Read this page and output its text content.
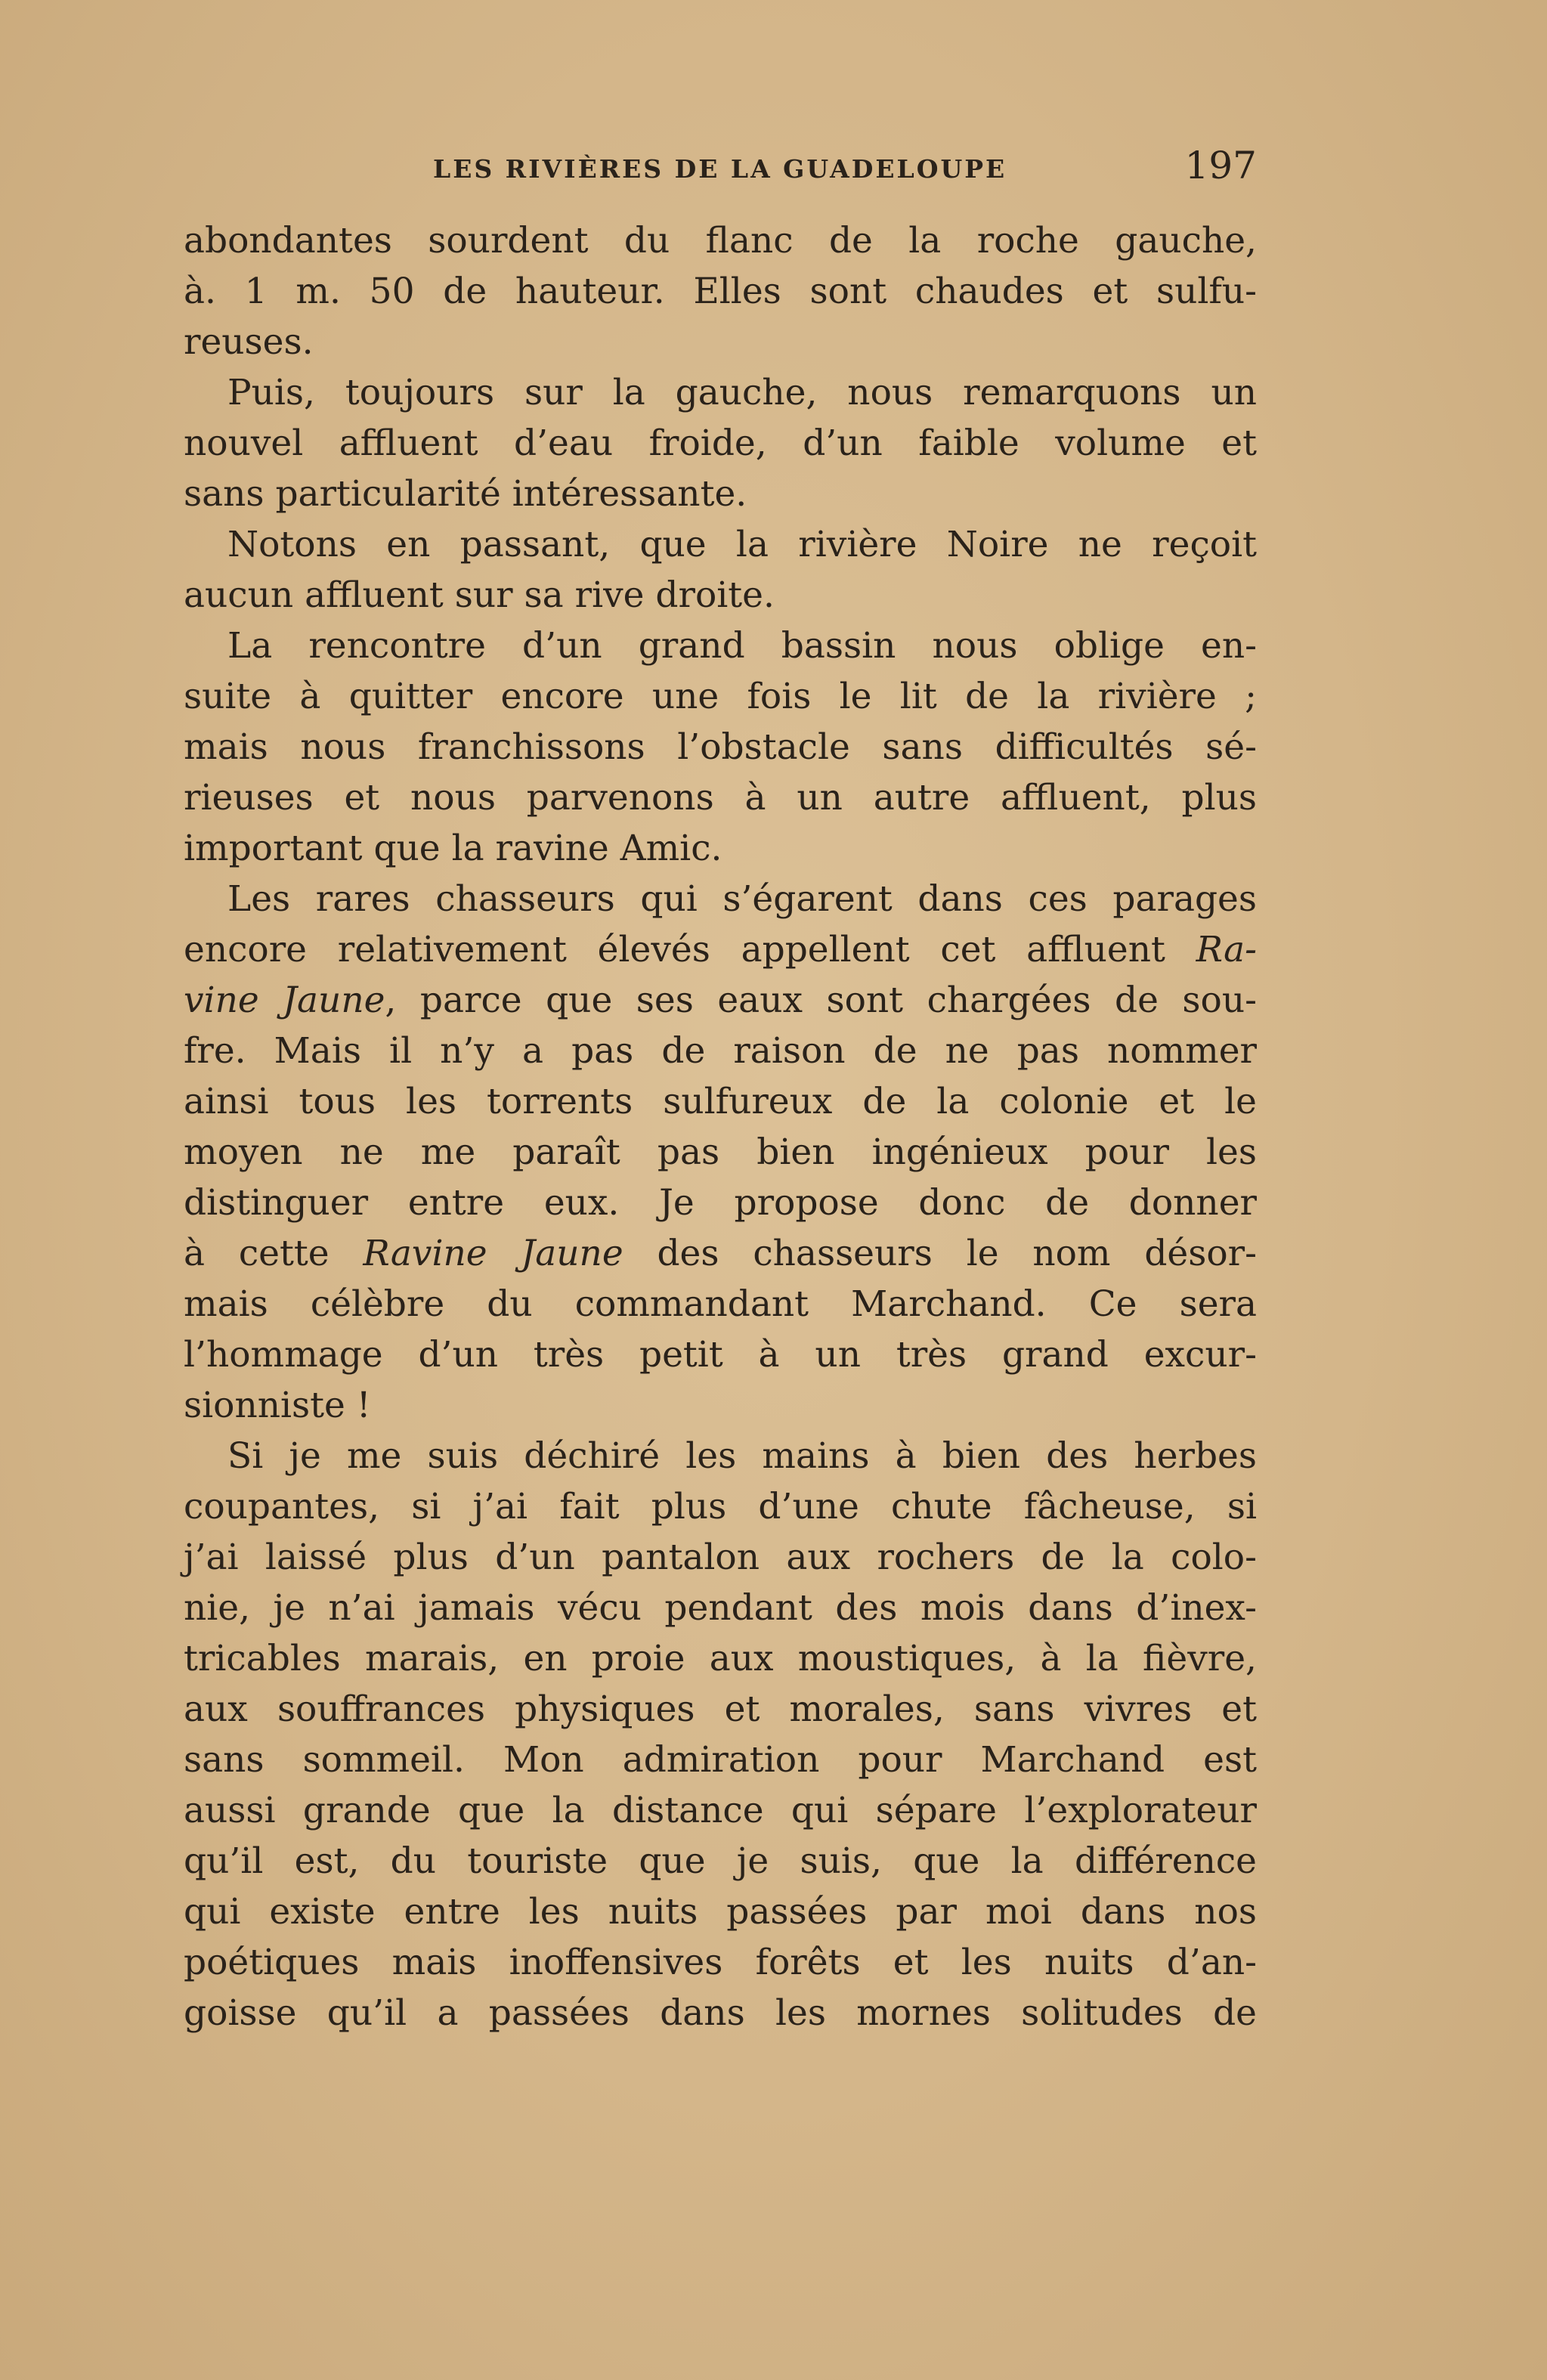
LES RIVIÈRES DE LA GUADELOUPE	197
abondantes sourdent du flanc de la roche gauche,
à. 1 m. 50 de hauteur. Elles sont chaudes et sulfu-
reuses.
Puis, toujours sur la gauche, nous remarquons un
nouvel affluent d’eau froide, d’un faible volume et
sans particularité intéressante.
Notons en passant, que la rivière Noire ne reçoit
aucun affluent sur sa rive droite.
La rencontre d’un grand bassin nous oblige en-
suite à quitter encore une fois le lit de la rivière ;
mais nous franchissons l’obstacle sans difficultés sé-
rieuses et nous parvenons à un autre affluent, plus
important que la ravine Amic.
Les rares chasseurs qui s’égarent dans ces parages
encore relativement élevés appellent cet affluent Ra-
vine Jaune, parce que ses eaux sont chargées de sou-
fre. Mais il n’y a pas de raison de ne pas nommer
ainsi tous les torrents sulfureux de la colonie et le
moyen ne me paraît pas bien ingénieux pour les
distinguer entre eux. Je propose donc de donner
à cette Ravine Jaune des chasseurs le nom désor-
mais célèbre du commandant Marchand. Ce sera
l’hommage d’un très petit à un très grand excur-
sionniste !
Si je me suis déchiré les mains à bien des herbes
coupantes, si j’ai fait plus d’une chute fâcheuse, si
j’ai laissé plus d’un pantalon aux rochers de la colo-
nie, je n’ai jamais vécu pendant des mois dans d’inex-
tricables marais, en proie aux moustiques, à la fièvre,
aux souffrances physiques et morales, sans vivres et
sans sommeil. Mon admiration pour Marchand est
aussi grande que la distance qui sépare l’explorateur
qu’il est, du touriste que je suis, que la différence
qui existe entre les nuits passées par moi dans nos
poétiques mais inoffensives forêts et les nuits d’an-
goisse qu’il a passées dans les mornes solitudes de
